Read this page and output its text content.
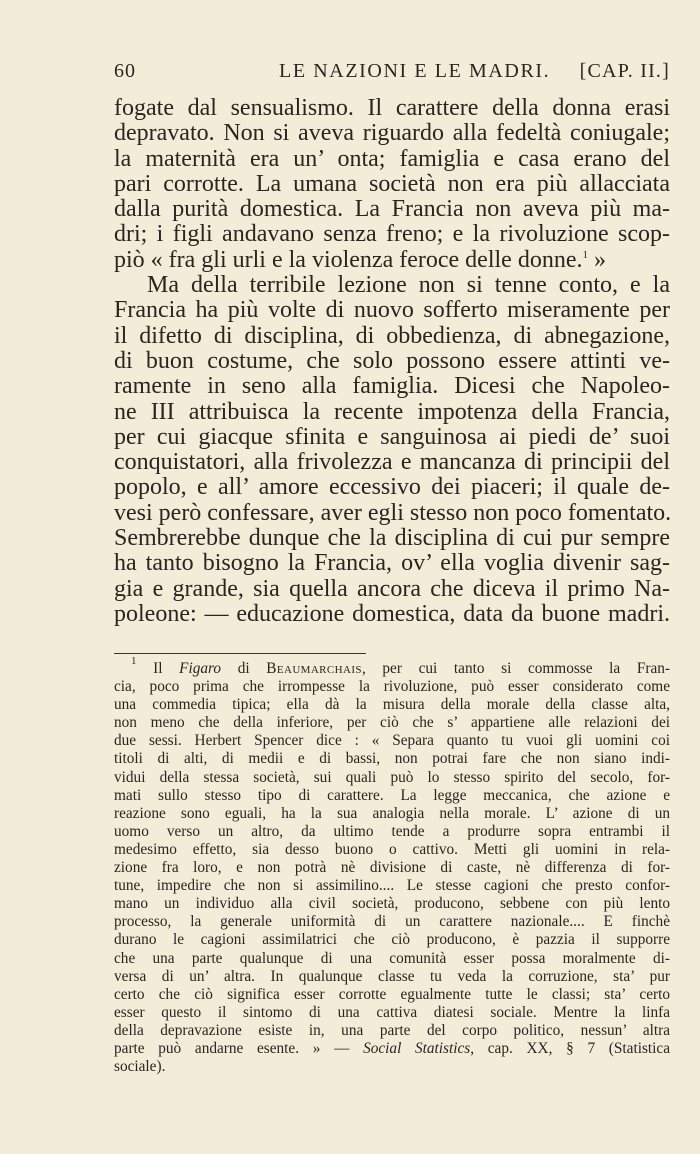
60	LE NAZIONI E LE MADRI. [CAP. II.]
fogate dal sensualismo. Il carattere della donna erasi
depravato. Non si aveva riguardo alla fedeltà coniugale;
la maternità era un’ onta; famiglia e casa erano del
pari corrotte. La umana società non era più allacciata
dalla purità domestica. La Francia non aveva più ma-
dri; i figli andavano senza freno; e la rivoluzione scop-
piò « fra gli urli e la violenza feroce delle donne.$^1$ »
Ma della terribile lezione non si tenne conto, e la
Francia ha più volte di nuovo sofferto miseramente per
il difetto di disciplina, di obbedienza, di abnegazione,
di buon costume, che solo possono essere attinti ve-
ramente in seno alla famiglia. Dicesi che Napoleo-
ne III attribuisca la recente impotenza della Francia,
per cui giacque sfinita e sanguinosa ai piedi de’ suoi
conquistatori, alla frivolezza e mancanza di principii del
popolo, e all’ amore eccessivo dei piaceri; il quale de-
vesi però confessare, aver egli stesso non poco fomentato.
Sembrerebbe dunque che la disciplina di cui pur sempre
ha tanto bisogno la Francia, ov’ ella voglia divenir sag-
gia e grande, sia quella ancora che diceva il primo Na-
poleone: — educazione domestica, data da buone madri.
$^1$ Il Figaro di Beaumarchais, per cui tanto si commosse la Fran-
cia, poco prima che irrompesse la rivoluzione, può esser considerato come
una commedia tipica; ella dà la misura della morale della classe alta,
non meno che della inferiore, per ciò che s’ appartiene alle relazioni dei
due sessi. Herbert Spencer dice : « Separa quanto tu vuoi gli uomini coi
titoli di alti, di medii e di bassi, non potrai fare che non siano indi-
vidui della stessa società, sui quali può lo stesso spirito del secolo, for-
mati sullo stesso tipo di carattere. La legge meccanica, che azione e
reazione sono eguali, ha la sua analogia nella morale. L’ azione di un
uomo verso un altro, da ultimo tende a produrre sopra entrambi il
medesimo effetto, sia desso buono o cattivo. Metti gli uomini in rela-
zione fra loro, e non potrà nè divisione di caste, nè differenza di for-
tune, impedire che non si assimilino.... Le stesse cagioni che presto confor-
mano un individuo alla civil società, producono, sebbene con più lento
processo, la generale uniformità di un carattere nazionale.... E finchè
durano le cagioni assimilatrici che ciò producono, è pazzia il supporre
che una parte qualunque di una comunità esser possa moralmente di-
versa di un’ altra. In qualunque classe tu veda la corruzione, sta’ pur
certo che ciò significa esser corrotte egualmente tutte le classi; sta’ certo
esser questo il sintomo di una cattiva diatesi sociale. Mentre la linfa
della depravazione esiste in, una parte del corpo politico, nessun’ altra
parte può andarne esente. » — Social Statistics, cap. XX, § 7 (Statistica
sociale).
